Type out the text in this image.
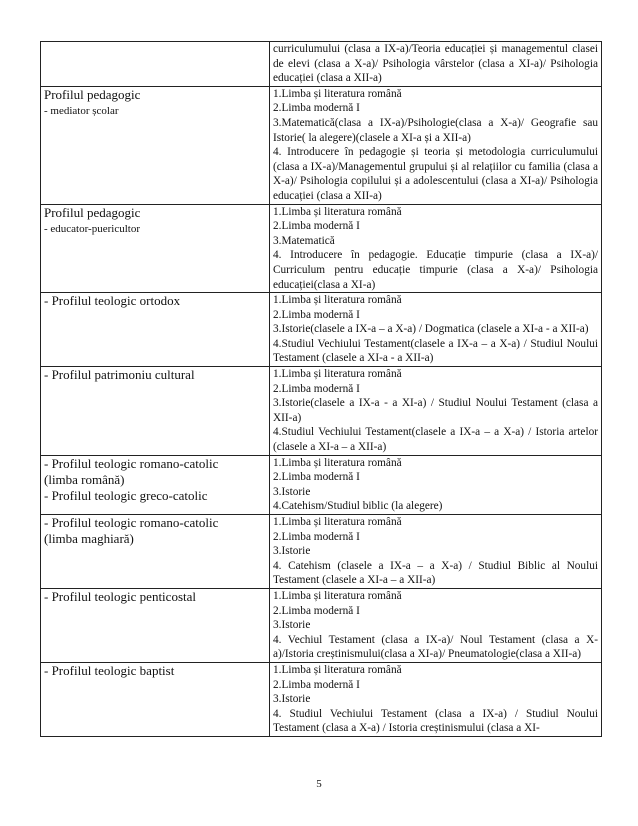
	curriculumului (clasa a IX-a)/Teoria educației și managementul clasei de elevi (clasa a X-a)/ Psihologia vârstelor (clasa a XI-a)/ Psihologia educației (clasa a XII-a)

Profilul pedagogic
- mediator școlar	1.Limba și literatura română
2.Limba modernă I
3.Matematică(clasa a IX-a)/Psihologie(clasa a X-a)/ Geografie sau Istorie( la alegere)(clasele a XI-a și a XII-a)
4. Introducere în pedagogie și teoria și metodologia curriculumului (clasa a IX-a)/Managementul grupului și al relațiilor cu familia (clasa a X-a)/ Psihologia copilului și a adolescentului (clasa a XI-a)/ Psihologia educației (clasa a XII-a)

Profilul pedagogic
- educator-puericultor	1.Limba și literatura română
2.Limba modernă I
3.Matematică
4. Introducere în pedagogie. Educație timpurie (clasa a IX-a)/ Curriculum pentru educație timpurie (clasa a X-a)/ Psihologia educației(clasa a XI-a)

- Profilul teologic ortodox	1.Limba și literatura română
2.Limba modernă I
3.Istorie(clasele a IX-a – a X-a) / Dogmatica (clasele a XI-a - a XII-a)
4.Studiul Vechiului Testament(clasele a IX-a – a X-a) / Studiul Noului Testament (clasele a XI-a - a XII-a)

- Profilul patrimoniu cultural	1.Limba și literatura română
2.Limba modernă I
3.Istorie(clasele a IX-a - a XI-a) / Studiul Noului Testament (clasa a XII-a)
4.Studiul Vechiului Testament(clasele a IX-a – a X-a) / Istoria artelor (clasele a XI-a – a XII-a)

- Profilul teologic romano-catolic
(limba română)
- Profilul teologic greco-catolic	1.Limba și literatura română
2.Limba modernă I
3.Istorie
4.Catehism/Studiul biblic (la alegere)

- Profilul teologic romano-catolic
(limba maghiară)	1.Limba și literatura română
2.Limba modernă I
3.Istorie
4. Catehism (clasele a IX-a – a X-a) / Studiul Biblic al Noului Testament (clasele a XI-a – a XII-a)

- Profilul teologic penticostal	1.Limba și literatura română
2.Limba modernă I
3.Istorie
4. Vechiul Testament (clasa a IX-a)/ Noul Testament (clasa a X-a)/Istoria creștinismului(clasa a XI-a)/ Pneumatologie(clasa a XII-a)

- Profilul teologic baptist	1.Limba și literatura română
2.Limba modernă I
3.Istorie
4. Studiul Vechiului Testament (clasa a IX-a) / Studiul Noului Testament (clasa a X-a) / Istoria creștinismului (clasa a XI-
5
